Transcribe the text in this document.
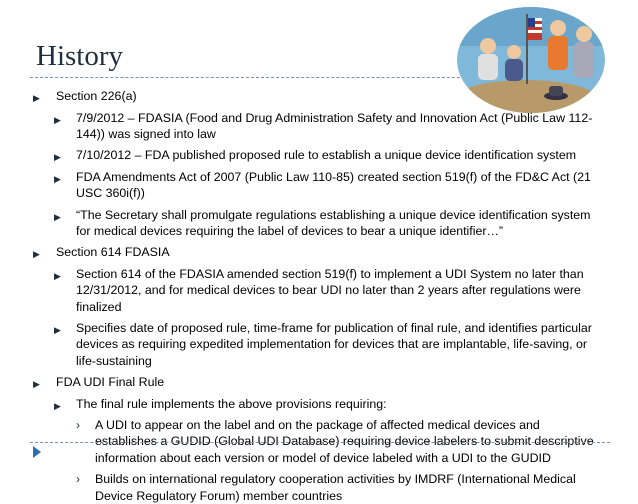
History
▶ Section 226(a)
▶ 7/9/2012 – FDASIA (Food and Drug Administration Safety and Innovation Act (Public Law 112-
144)) was signed into law
▶ 7/10/2012 – FDA published proposed rule to establish a unique device identification system
▶ FDA Amendments Act of 2007 (Public Law 110-85) created section 519(f) of the FD&C Act (21
USC 360i(f))
▶ “The Secretary shall promulgate regulations establishing a unique device identification system
for medical devices requiring the label of devices to bear a unique identifier…”
▶ Section 614 FDASIA
▶ Section 614 of the FDASIA amended section 519(f) to implement a UDI System no later than
12/31/2012, and for medical devices to bear UDI no later than 2 years after regulations were
finalized
▶ Specifies date of proposed rule, time-frame for publication of final rule, and identifies particular
devices as requiring expedited implementation for devices that are implantable, life-saving, or
life-sustaining
▶ FDA UDI Final Rule
▶ The final rule implements the above provisions requiring:
› A UDI to appear on the label and on the package of affected medical devices and
establishes a GUDID (Global UDI Database) requiring device labelers to submit descriptive
information about each version or model of device labeled with a UDI to the GUDID
› Builds on international regulatory cooperation activities by IMDRF (International Medical
Device Regulatory Forum) member countries
